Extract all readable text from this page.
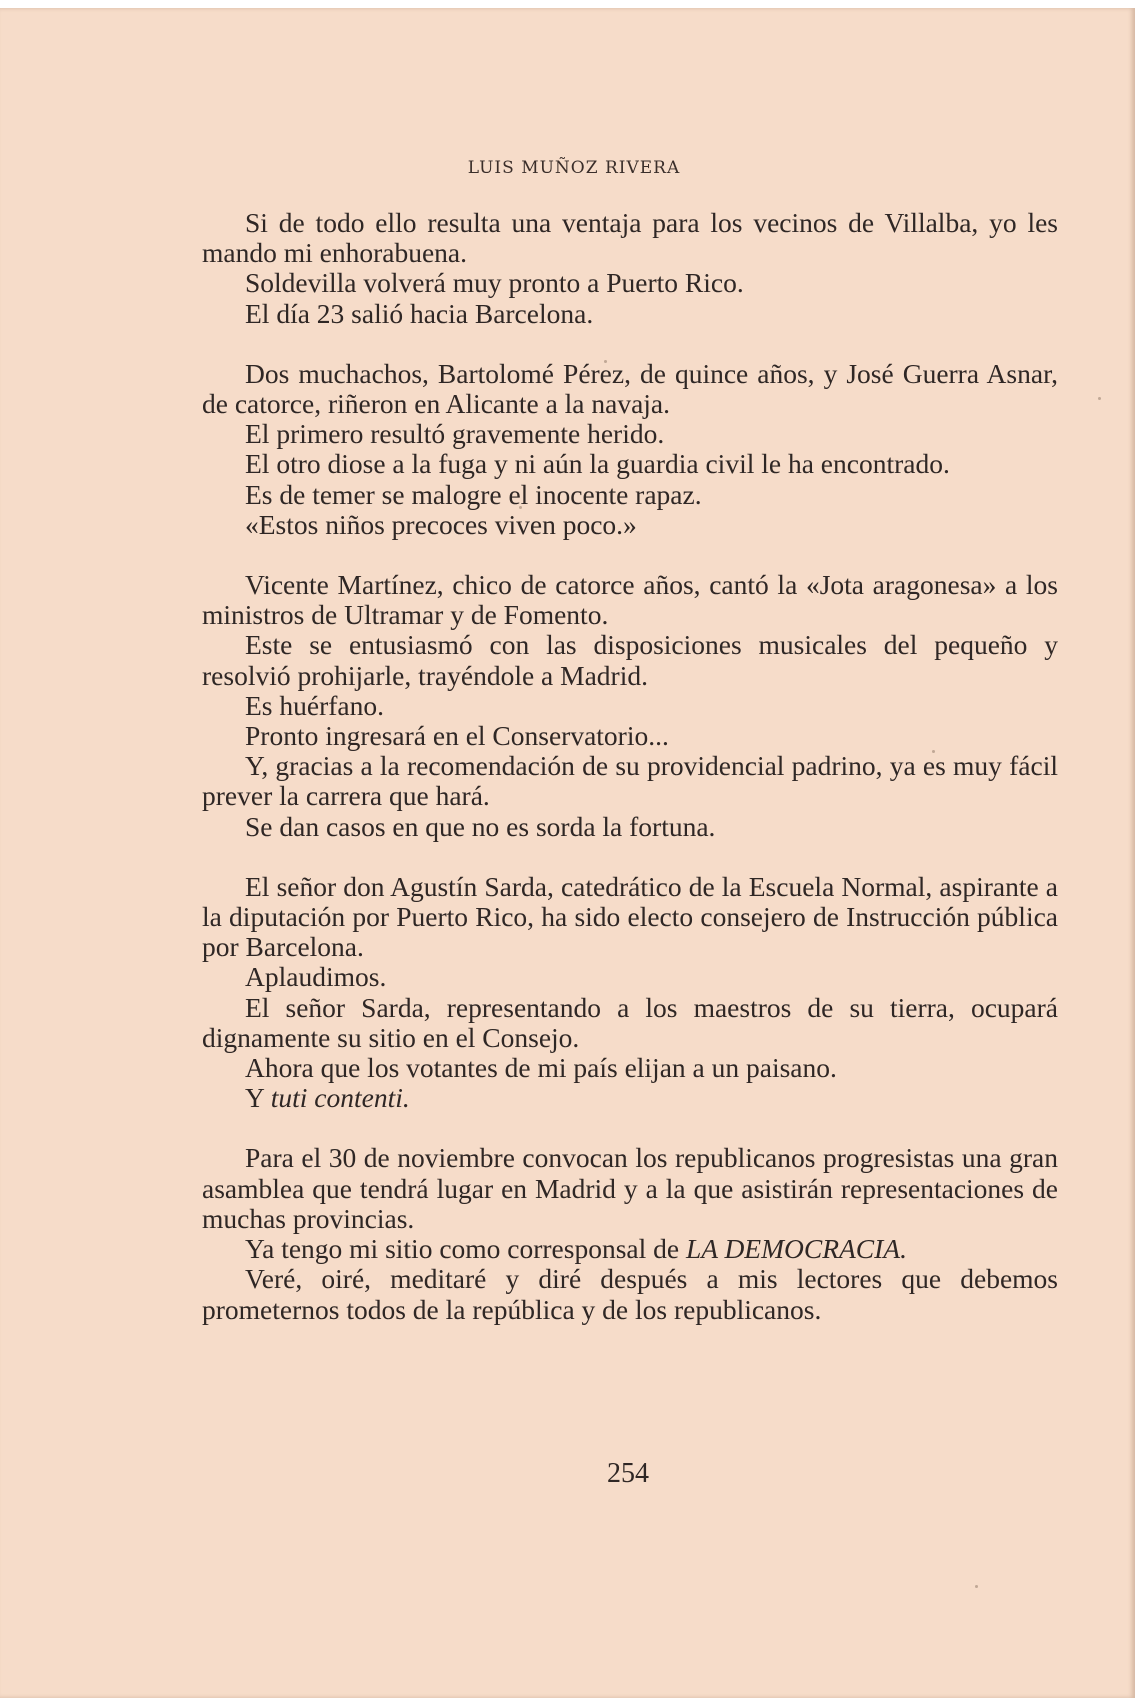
LUIS MUÑOZ RIVERA

Si de todo ello resulta una ventaja para los vecinos de Villalba, yo les mando mi enhorabuena.

Soldevilla volverá muy pronto a Puerto Rico.

El día 23 salió hacia Barcelona.

Dos muchachos, Bartolomé Pérez, de quince años, y José Guerra Asnar, de catorce, riñeron en Alicante a la navaja.

El primero resultó gravemente herido.

El otro diose a la fuga y ni aún la guardia civil le ha encontrado.

Es de temer se malogre el inocente rapaz.

«Estos niños precoces viven poco.»

Vicente Martínez, chico de catorce años, cantó la «Jota aragonesa» a los ministros de Ultramar y de Fomento.

Este se entusiasmó con las disposiciones musicales del pequeño y resolvió prohijarle, trayéndole a Madrid.

Es huérfano.

Pronto ingresará en el Conservatorio...

Y, gracias a la recomendación de su providencial padrino, ya es muy fácil prever la carrera que hará.

Se dan casos en que no es sorda la fortuna.

El señor don Agustín Sarda, catedrático de la Escuela Normal, aspirante a la diputación por Puerto Rico, ha sido electo consejero de Instrucción pública por Barcelona.

Aplaudimos.

El señor Sarda, representando a los maestros de su tierra, ocupará dignamente su sitio en el Consejo.

Ahora que los votantes de mi país elijan a un paisano.

Y tuti contenti.

Para el 30 de noviembre convocan los republicanos progresistas una gran asamblea que tendrá lugar en Madrid y a la que asistirán representaciones de muchas provincias.

Ya tengo mi sitio como corresponsal de LA DEMOCRACIA.

Veré, oiré, meditaré y diré después a mis lectores que debemos prometernos todos de la república y de los republicanos.

254
